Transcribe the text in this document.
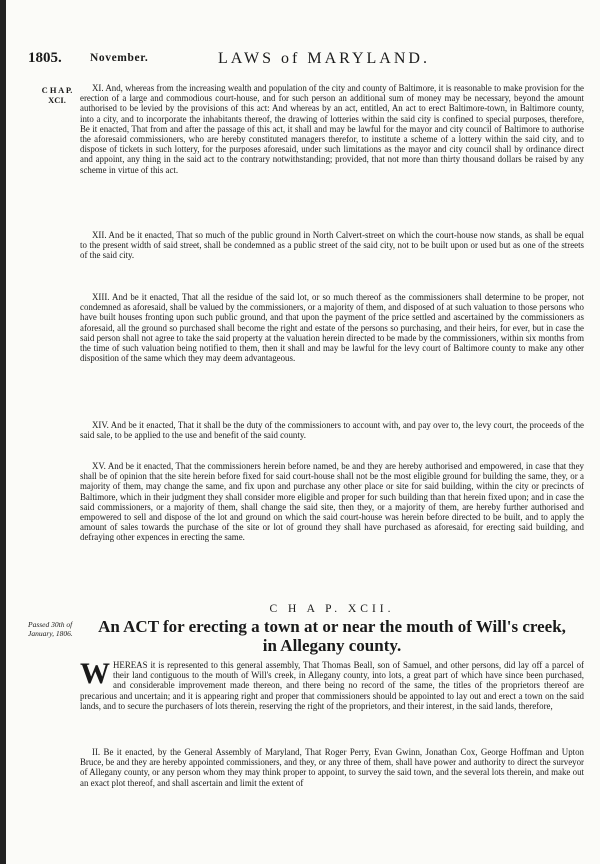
1805. November.	LAWS of MARYLAND.
C H A P.
XCI.

XI. And, whereas from the increasing wealth and population of the city and county of Baltimore, it is reasonable to make provision for the erection of a large and commodious court-house, and for such person an additional sum of money may be necessary, beyond the amount authorised to be levied by the provisions of this act: And whereas by an act, entitled, An act to erect Baltimore-town, in Baltimore county, into a city, and to incorporate the inhabitants thereof, the drawing of lotteries within the said city is confined to special purposes, therefore, Be it enacted, That from and after the passage of this act, it shall and may be lawful for the mayor and city council of Baltimore to authorise the aforesaid commissioners, who are hereby constituted managers therefor, to institute a scheme of a lottery within the said city, and to dispose of tickets in such lottery, for the purposes aforesaid, under such limitations as the mayor and city council shall by ordinance direct and appoint, any thing in the said act to the contrary notwithstanding; provided, that not more than thirty thousand dollars be raised by any scheme in virtue of this act.

XII. And be it enacted, That so much of the public ground in North Calvert-street on which the court-house now stands, as shall be equal to the present width of said street, shall be condemned as a public street of the said city, not to be built upon or used but as one of the streets of the said city.

XIII. And be it enacted, That all the residue of the said lot, or so much thereof as the commissioners shall determine to be proper, not condemned as aforesaid, shall be valued by the commissioners, or a majority of them, and disposed of at such valuation to those persons who have built houses fronting upon such public ground, and that upon the payment of the price settled and ascertained by the commissioners as aforesaid, all the ground so purchased shall become the right and estate of the persons so purchasing, and their heirs, for ever, but in case the said person shall not agree to take the said property at the valuation herein directed to be made by the commissioners, within six months from the time of such valuation being notified to them, then it shall and may be lawful for the levy court of Baltimore county to make any other disposition of the same which they may deem advantageous.

XIV. And be it enacted, That it shall be the duty of the commissioners to account with, and pay over to, the levy court, the proceeds of the said sale, to be applied to the use and benefit of the said county.

XV. And be it enacted, That the commissioners herein before named, be and they are hereby authorised and empowered, in case that they shall be of opinion that the site herein before fixed for said court-house shall not be the most eligible ground for building the same, they, or a majority of them, may change the same, and fix upon and purchase any other place or site for said building, within the city or precincts of Baltimore, which in their judgment they shall consider more eligible and proper for such building than that herein fixed upon; and in case the said commissioners, or a majority of them, shall change the said site, then they, or a majority of them, are hereby further authorised and empowered to sell and dispose of the lot and ground on which the said court-house was herein before directed to be built, and to apply the amount of sales towards the purchase of the site or lot of ground they shall have purchased as aforesaid, for erecting said building, and defraying other expences in erecting the same.

C H A P. XCII.
Passed 30th of January, 1806.	An ACT for erecting a town at or near the mouth of Will's creek,
in Allegany county.
W HEREAS it is represented to this general assembly, That Thomas Beall, son of Samuel, and other persons, did lay off a parcel of their land contiguous to the mouth of Will's creek, in Allegany county, into lots, a great part of which have since been purchased, and considerable improvement made thereon, and there being no record of the same, the titles of the proprietors thereof are precarious and uncertain; and it is appearing right and proper that commissioners should be appointed to lay out and erect a town on the said lands, and to secure the purchasers of lots therein, reserving the right of the proprietors, and their interest, in the said lands, therefore,

II. Be it enacted, by the General Assembly of Maryland, That Roger Perry, Evan Gwinn, Jonathan Cox, George Hoffman and Upton Bruce, be and they are hereby appointed commissioners, and they, or any three of them, shall have power and authority to direct the surveyor of Allegany county, or any person whom they may think proper to appoint, to survey the said town, and the several lots therein, and make out an exact plot thereof, and shall ascertain and limit the extent of
